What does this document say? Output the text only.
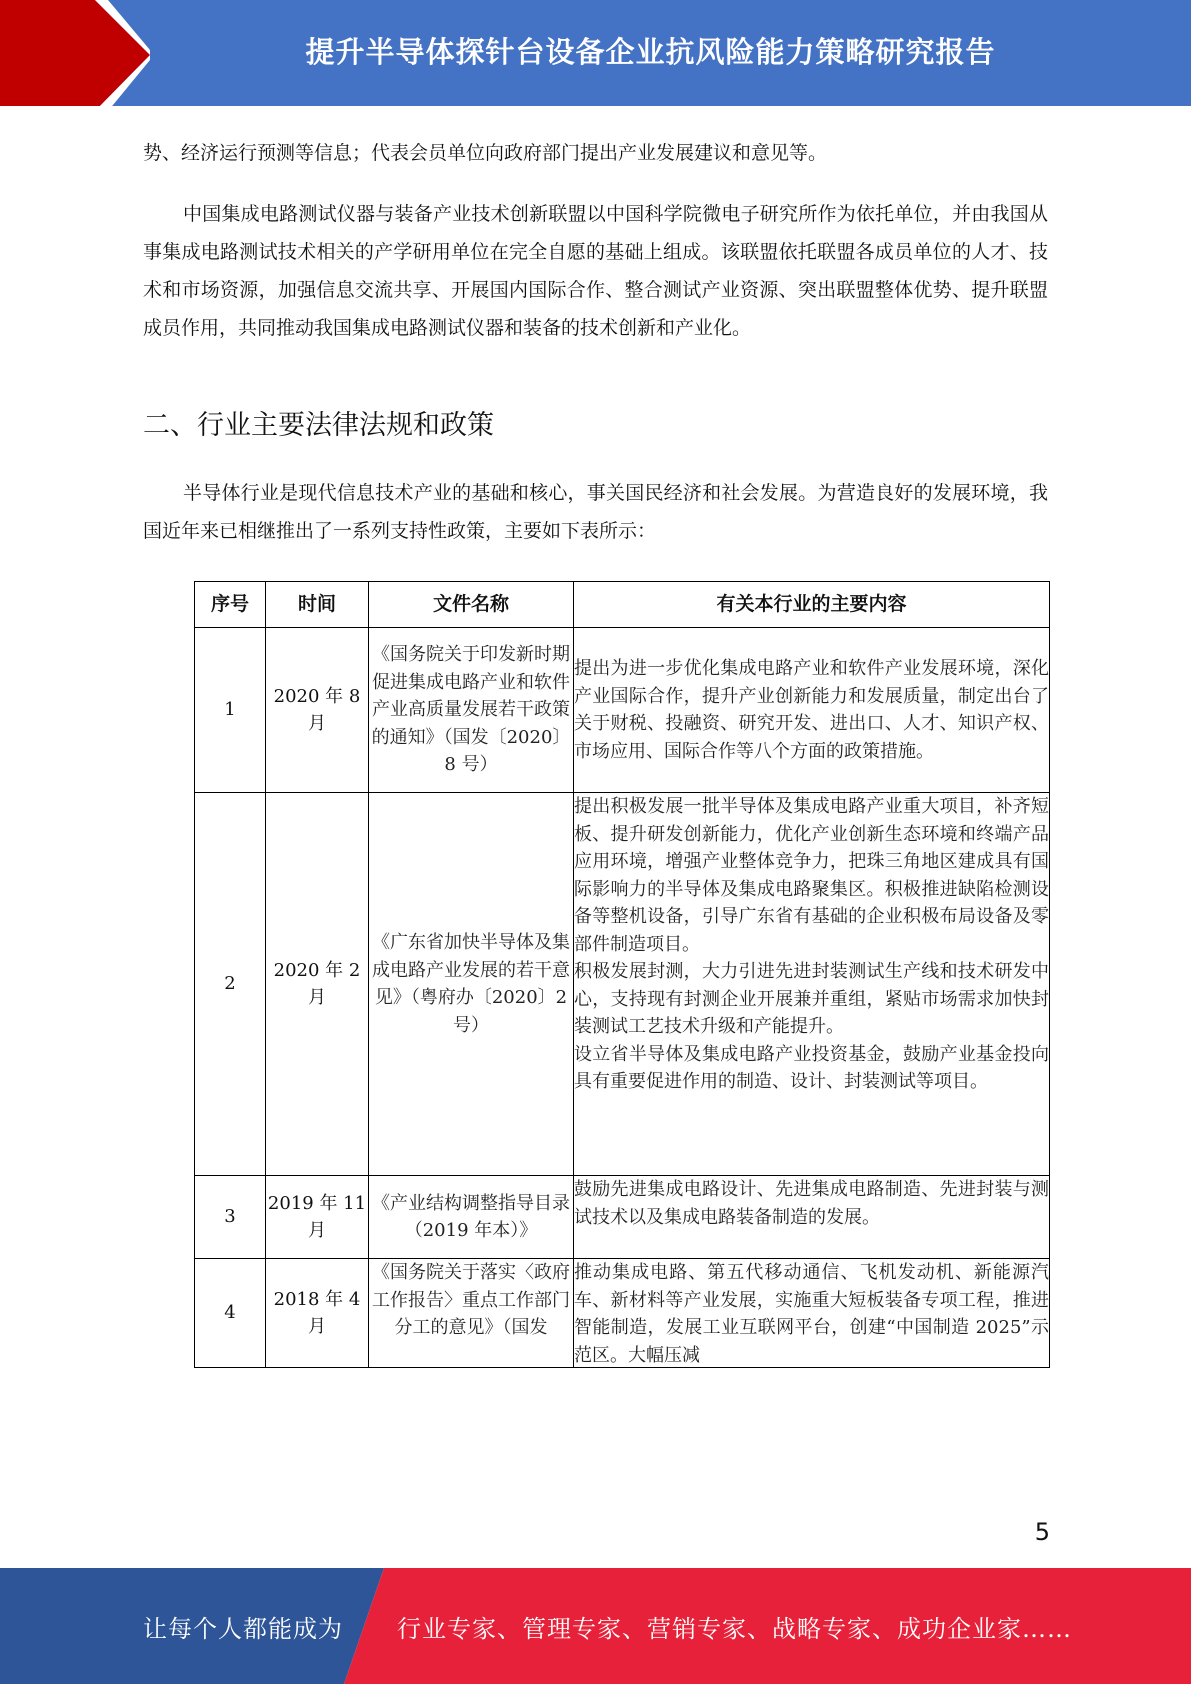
提升半导体探针台设备企业抗风险能力策略研究报告

势、经济运行预测等信息；代表会员单位向政府部门提出产业发展建议和意见等。

中国集成电路测试仪器与装备产业技术创新联盟以中国科学院微电子研究所作为依托单位，并由我国从事集成电路测试技术相关的产学研用单位在完全自愿的基础上组成。该联盟依托联盟各成员单位的人才、技术和市场资源，加强信息交流共享、开展国内国际合作、整合测试产业资源、突出联盟整体优势、提升联盟成员作用，共同推动我国集成电路测试仪器和装备的技术创新和产业化。

二、行业主要法律法规和政策

半导体行业是现代信息技术产业的基础和核心，事关国民经济和社会发展。为营造良好的发展环境，我国近年来已相继推出了一系列支持性政策，主要如下表所示：

序号	时间	文件名称	有关本行业的主要内容
1	2020 年 8 月	《国务院关于印发新时期促进集成电路产业和软件产业高质量发展若干政策的通知》（国发〔2020〕8 号）	提出为进一步优化集成电路产业和软件产业发展环境，深化产业国际合作，提升产业创新能力和发展质量，制定出台了关于财税、投融资、研究开发、进出口、人才、知识产权、市场应用、国际合作等八个方面的政策措施。
2	2020 年 2 月	《广东省加快半导体及集成电路产业发展的若干意见》（粤府办〔2020〕2 号）	提出积极发展一批半导体及集成电路产业重大项目，补齐短板、提升研发创新能力，优化产业创新生态环境和终端产品应用环境，增强产业整体竞争力，把珠三角地区建成具有国际影响力的半导体及集成电路聚集区。积极推进缺陷检测设备等整机设备，引导广东省有基础的企业积极布局设备及零部件制造项目。
积极发展封测，大力引进先进封装测试生产线和技术研发中心，支持现有封测企业开展兼并重组，紧贴市场需求加快封装测试工艺技术升级和产能提升。
设立省半导体及集成电路产业投资基金，鼓励产业基金投向具有重要促进作用的制造、设计、封装测试等项目。

3	2019 年 11 月	《产业结构调整指导目录（2019 年本）》	鼓励先进集成电路设计、先进集成电路制造、先进封装与测试技术以及集成电路装备制造的发展。
4	2018 年 4 月	《国务院关于落实〈政府工作报告〉重点工作部门分工的意见》（国发	推动集成电路、第五代移动通信、飞机发动机、新能源汽车、新材料等产业发展，实施重大短板装备专项工程，推进智能制造，发展工业互联网平台，创建“中国制造 2025”示范区。大幅压减
5
让每个人都能成为 行业专家、管理专家、营销专家、战略专家、成功企业家……
